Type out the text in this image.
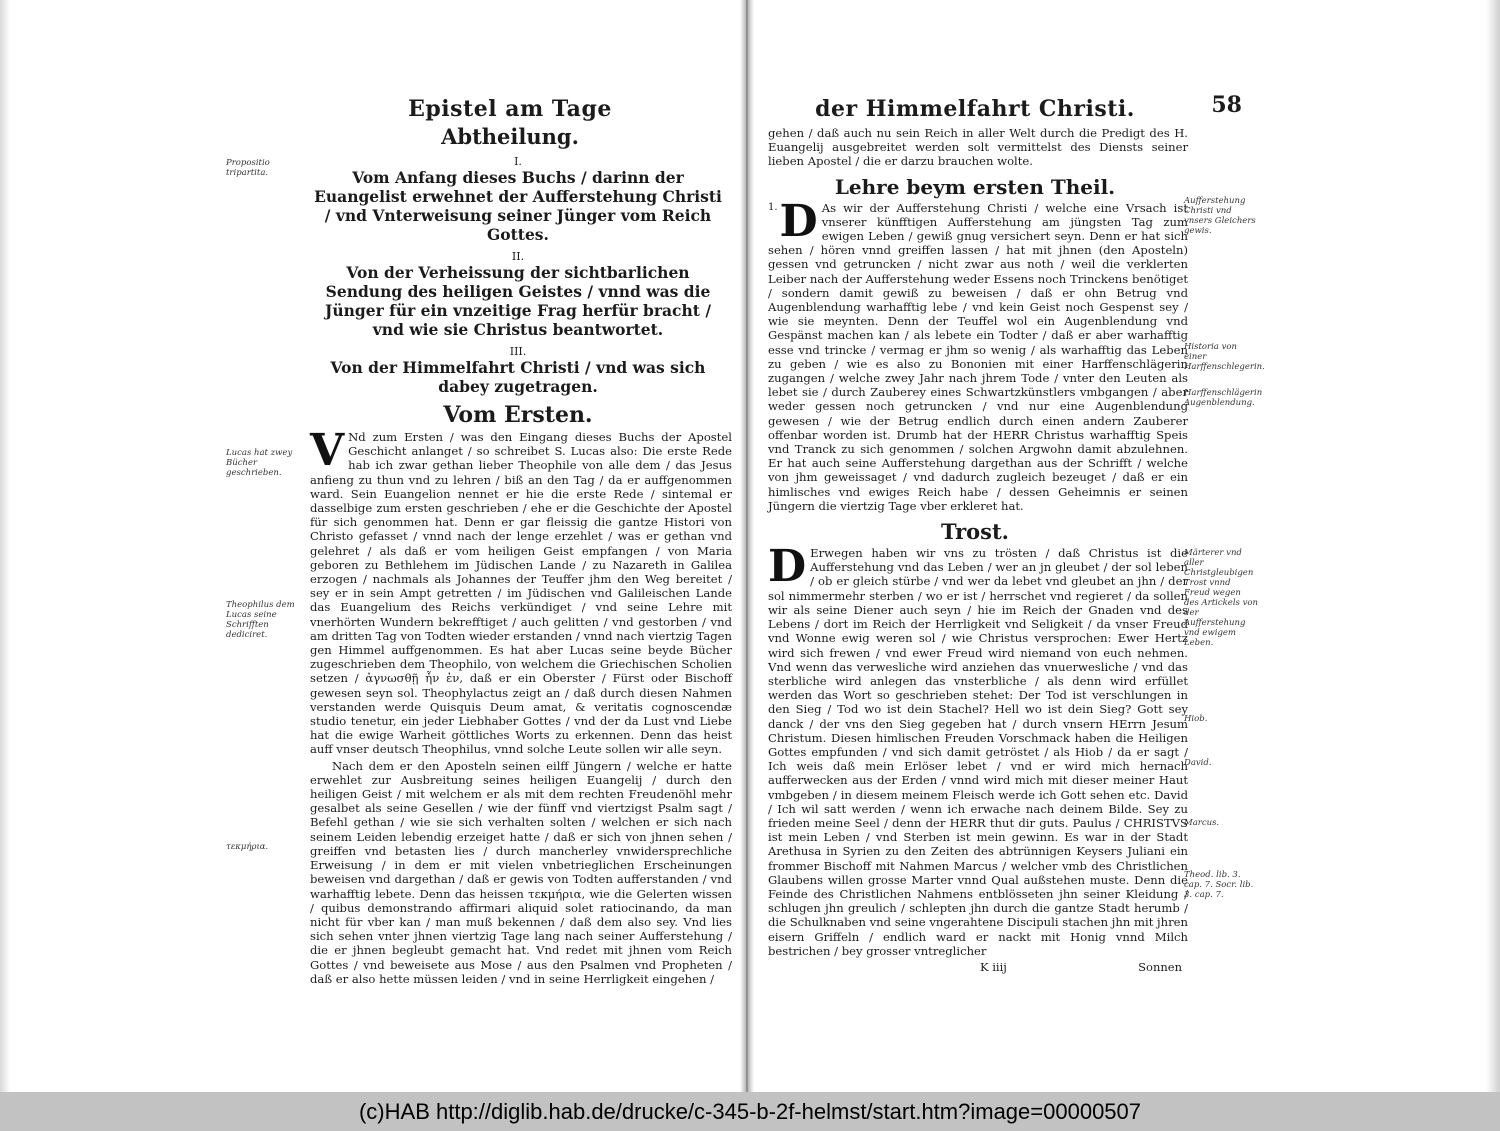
Epistel am Tage
Abtheilung.
I.
Vom Anfang dieses Buchs / darinn der Euangelist erwehnet der Aufferstehung Christi / vnd Vnterweisung seiner Jünger vom Reich Gottes.
II.
Von der Verheissung der sichtbarlichen Sendung des heiligen Geistes / vnnd was die Jünger für ein vnzeitige Frag herfür bracht / vnd wie sie Christus beantwortet.
III.
Von der Himmelfahrt Christi / vnd was sich dabey zugetragen.
Vom Ersten.

V Nd zum Ersten / was den Eingang dieses Buchs der Apostel Geschicht anlanget / so schreibet S. Lucas also: Die erste Rede hab ich zwar gethan lieber Theophile von alle dem / das Jesus anfieng zu thun vnd zu lehren / biß an den Tag / da er auffgenommen ward. Sein Euangelion nennet er hie die erste Rede / sintemal er dasselbige zum ersten geschrieben / ehe er die Geschichte der Apostel für sich genommen hat. Denn er gar fleissig die gantze Histori von Christo gefasset / vnnd nach der lenge erzehlet / was er gethan vnd gelehret / als daß er vom heiligen Geist empfangen / von Maria geboren zu Bethlehem im Jüdischen Lande / zu Nazareth in Galilea erzogen / nachmals als Johannes der Teuffer jhm den Weg bereitet / sey er in sein Ampt getretten / im Jüdischen vnd Galileischen Lande das Euangelium des Reichs verkündiget / vnd seine Lehre mit vnerhörten Wundern bekrefftiget / auch gelitten / vnd gestorben / vnd am dritten Tag von Todten wieder erstanden / vnnd nach viertzig Tagen gen Himmel auffgenommen. Es hat aber Lucas seine beyde Bücher zugeschrieben dem Theophilo, von welchem die Griechischen Scholien setzen / ἀγνωσθῇ ἦν ἐν, daß er ein Oberster / Fürst oder Bischoff gewesen seyn sol. Theophylactus zeigt an / daß durch diesen Nahmen verstanden werde Quisquis Deum amat, & veritatis cognoscendæ studio tenetur, ein jeder Liebhaber Gottes / vnd der da Lust vnd Liebe hat die ewige Warheit göttliches Worts zu erkennen. Denn das heist auff vnser deutsch Theophilus, vnnd solche Leute sollen wir alle seyn.

Nach dem er den Aposteln seinen eilff Jüngern / welche er hatte erwehlet zur Ausbreitung seines heiligen Euangelij / durch den heiligen Geist / mit welchem er als mit dem rechten Freudenöhl mehr gesalbet als seine Gesellen / wie der fünff vnd viertzigst Psalm sagt / Befehl gethan / wie sie sich verhalten solten / welchen er sich nach seinem Leiden lebendig erzeiget hatte / daß er sich von jhnen sehen / greiffen vnd betasten lies / durch mancherley vnwidersprechliche Erweisung / in dem er mit vielen vnbetrieglichen Erscheinungen beweisen vnd dargethan / daß er gewis von Todten aufferstanden / vnd warhafftig lebete. Denn das heissen τεκμήρια, wie die Gelerten wissen / quibus demonstrando affirmari aliquid solet ratiocinando, da man nicht für vber kan / man muß bekennen / daß dem also sey. Vnd lies sich sehen vnter jhnen viertzig Tage lang nach seiner Aufferstehung / die er jhnen begleubt gemacht hat. Vnd redet mit jhnen vom Reich Gottes / vnd beweisete aus Mose / aus den Psalmen vnd Propheten / daß er also hette müssen leiden / vnd in seine Herrligkeit eingehen /

Propositio tripartita.
Lucas hat zwey Bücher geschrieben.
Theophilus dem Lucas seine Schrifften dediciret.
τεκμήρια.
der Himmelfahrt Christi.	58
gehen / daß auch nu sein Reich in aller Welt durch die Predigt des H. Euangelij ausgebreitet werden solt vermittelst des Diensts seiner lieben Apostel / die er darzu brauchen wolte.
Lehre beym ersten Theil.

1. D As wir der Aufferstehung Christi / welche eine Vrsach ist vnserer künfftigen Aufferstehung am jüngsten Tag zum ewigen Leben / gewiß gnug versichert seyn. Denn er hat sich sehen / hören vnnd greiffen lassen / hat mit jhnen (den Aposteln) gessen vnd getruncken / nicht zwar aus noth / weil die verklerten Leiber nach der Aufferstehung weder Essens noch Trinckens benötiget / sondern damit gewiß zu beweisen / daß er ohn Betrug vnd Augenblendung warhafftig lebe / vnd kein Geist noch Gespenst sey / wie sie meynten. Denn der Teuffel wol ein Augenblendung vnd Gespänst machen kan / als lebete ein Todter / daß er aber warhafftig esse vnd trincke / vermag er jhm so wenig / als warhafftig das Leben zu geben / wie es also zu Bononien mit einer Harffenschlägerin zugangen / welche zwey Jahr nach jhrem Tode / vnter den Leuten als lebet sie / durch Zauberey eines Schwartzkünstlers vmbgangen / aber weder gessen noch getruncken / vnd nur eine Augenblendung gewesen / wie der Betrug endlich durch einen andern Zauberer offenbar worden ist. Drumb hat der HERR Christus warhafftig Speis vnd Tranck zu sich genommen / solchen Argwohn damit abzulehnen. Er hat auch seine Aufferstehung dargethan aus der Schrifft / welche von jhm geweissaget / vnd dadurch zugleich bezeuget / daß er ein himlisches vnd ewiges Reich habe / dessen Geheimnis er seinen Jüngern die viertzig Tage vber erkleret hat.

Trost.

D Erwegen haben wir vns zu trösten / daß Christus ist die Aufferstehung vnd das Leben / wer an jn gleubet / der sol leben / ob er gleich stürbe / vnd wer da lebet vnd gleubet an jhn / der sol nimmermehr sterben / wo er ist / herrschet vnd regieret / da sollen wir als seine Diener auch seyn / hie im Reich der Gnaden vnd des Lebens / dort im Reich der Herrligkeit vnd Seligkeit / da vnser Freud vnd Wonne ewig weren sol / wie Christus versprochen: Ewer Hertz wird sich frewen / vnd ewer Freud wird niemand von euch nehmen. Vnd wenn das verwesliche wird anziehen das vnuerwesliche / vnd das sterbliche wird anlegen das vnsterbliche / als denn wird erfüllet werden das Wort so geschrieben stehet: Der Tod ist verschlungen in den Sieg / Tod wo ist dein Stachel? Hell wo ist dein Sieg? Gott sey danck / der vns den Sieg gegeben hat / durch vnsern HErrn Jesum Christum. Diesen himlischen Freuden Vorschmack haben die Heiligen Gottes empfunden / vnd sich damit getröstet / als Hiob / da er sagt / Ich weis daß mein Erlöser lebet / vnd er wird mich hernach aufferwecken aus der Erden / vnnd wird mich mit dieser meiner Haut vmbgeben / in diesem meinem Fleisch werde ich Gott sehen etc. David / Ich wil satt werden / wenn ich erwache nach deinem Bilde. Sey zu frieden meine Seel / denn der HERR thut dir guts. Paulus / CHRISTVS ist mein Leben / vnd Sterben ist mein gewinn. Es war in der Stadt Arethusa in Syrien zu den Zeiten des abtrünnigen Keysers Juliani ein frommer Bischoff mit Nahmen Marcus / welcher vmb des Christlichen Glaubens willen grosse Marter vnnd Qual außstehen muste. Denn die Feinde des Christlichen Nahmens entblösseten jhn seiner Kleidung / schlugen jhn greulich / schlepten jhn durch die gantze Stadt herumb / die Schulknaben vnd seine vngerahtene Discipuli stachen jhn mit jhren eisern Griffeln / endlich ward er nackt mit Honig vnnd Milch bestrichen / bey grosser vntreglicher

K iiij	Sonnen
Aufferstehung Christi vnd vnsers Gleichers gewis.
Historia von einer Harffenschlegerin.
Harffenschlägerin Augenblendung.
Märterer vnd aller Christgleubigen Trost vnnd Freud wegen des Artickels von der Aufferstehung vnd ewigem Leben.
Hiob.
David.
Marcus.
Theod. lib. 3. cap. 7. Socr. lib. 3. cap. 7.
(c)HAB http://diglib.hab.de/drucke/c-345-b-2f-helmst/start.htm?image=00000507
